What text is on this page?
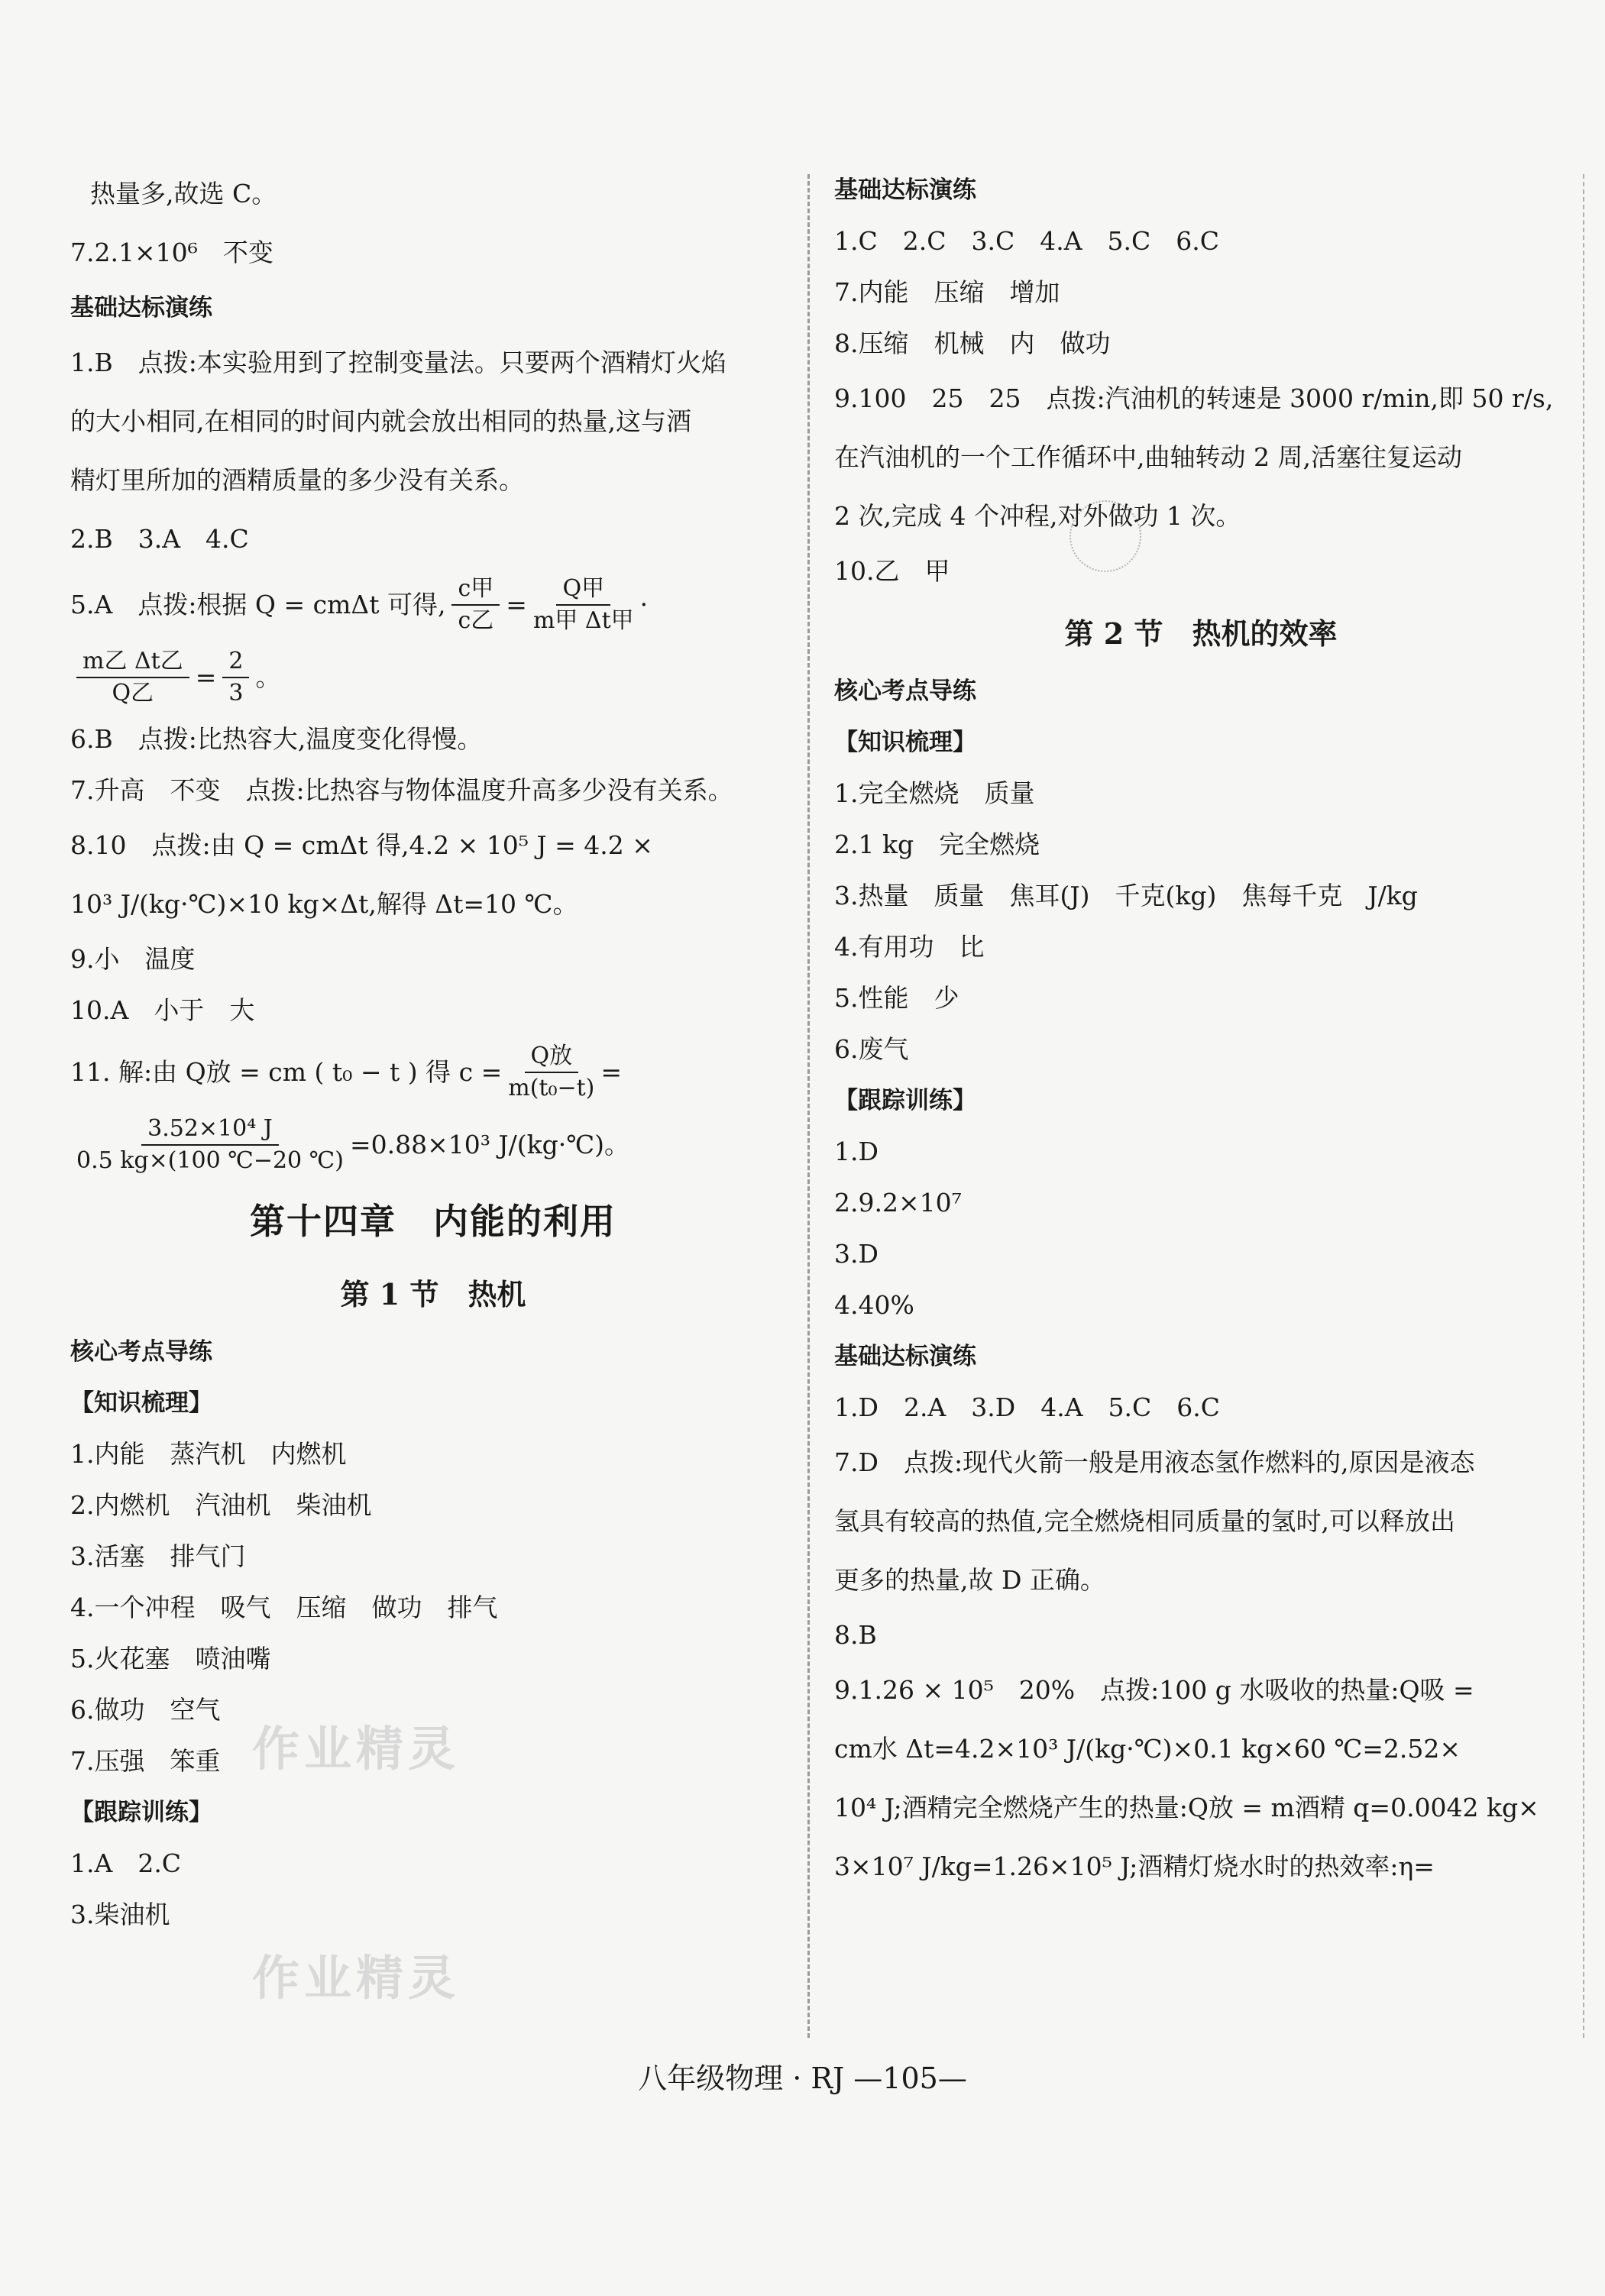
作业精灵
作业精灵

热量多,故选 C。

7.2.1×10⁶　不变

基础达标演练

1.B　点拨:本实验用到了控制变量法。只要两个酒精灯火焰

的大小相同,在相同的时间内就会放出相同的热量,这与酒

精灯里所加的酒精质量的多少没有关系。

2.B　3.A　4.C

5.A　点拨:根据 Q = cmΔt 可得, $\frac{\text{c甲}}{\text{c乙}} = \frac{\text{Q甲}}{\text{m甲 Δt甲}}$ ·

$\frac{\text{m乙 Δt乙}}{\text{Q乙}} = \frac{2}{3}$ 。

6.B　点拨:比热容大,温度变化得慢。

7.升高　不变　点拨:比热容与物体温度升高多少没有关系。

8.10　点拨:由 Q = cmΔt 得,4.2 × 10⁵ J = 4.2 ×

10³ J/(kg·℃)×10 kg×Δt,解得 Δt=10 ℃。

9.小　温度

10.A　小于　大

11. 解:由 Q放 = cm ( t₀ − t ) 得 $c = \frac{\text{Q放}}{\text{m(t₀−t)}}$ =

$\frac{\text{3.52×10⁴ J}}{0.5 kg\times(100 ℃-20 ℃)} =0.88\times 10^3$ J/(kg·℃)。

第十四章　内能的利用
第 1 节　热机

核心考点导练

【知识梳理】

1.内能　蒸汽机　内燃机

2.内燃机　汽油机　柴油机

3.活塞　排气门

4.一个冲程　吸气　压缩　做功　排气

5.火花塞　喷油嘴

6.做功　空气

7.压强　笨重

【跟踪训练】

1.A　2.C

3.柴油机

基础达标演练

1.C　2.C　3.C　4.A　5.C　6.C

7.内能　压缩　增加

8.压缩　机械　内　做功

9.100　25　25　点拨:汽油机的转速是 3000 r/min,即 50 r/s,

在汽油机的一个工作循环中,曲轴转动 2 周,活塞往复运动

2 次,完成 4 个冲程,对外做功 1 次。

10.乙　甲

第 2 节　热机的效率

核心考点导练

【知识梳理】

1.完全燃烧　质量

2.1 kg　完全燃烧

3.热量　质量　焦耳(J)　千克(kg)　焦每千克　J/kg

4.有用功　比

5.性能　少

6.废气

【跟踪训练】

1.D

2.9.2×10⁷

3.D

4.40%

基础达标演练

1.D　2.A　3.D　4.A　5.C　6.C

7.D　点拨:现代火箭一般是用液态氢作燃料的,原因是液态

氢具有较高的热值,完全燃烧相同质量的氢时,可以释放出

更多的热量,故 D 正确。

8.B

9.1.26 × 10⁵　20%　点拨:100 g 水吸收的热量:Q吸 =

cm水 Δt=4.2×10³ J/(kg·℃)×0.1 kg×60 ℃=2.52×

10⁴ J;酒精完全燃烧产生的热量:Q放 = m酒精 q=0.0042 kg×

3×10⁷ J/kg=1.26×10⁵ J;酒精灯烧水时的热效率:η=

八年级物理 · RJ —105—
